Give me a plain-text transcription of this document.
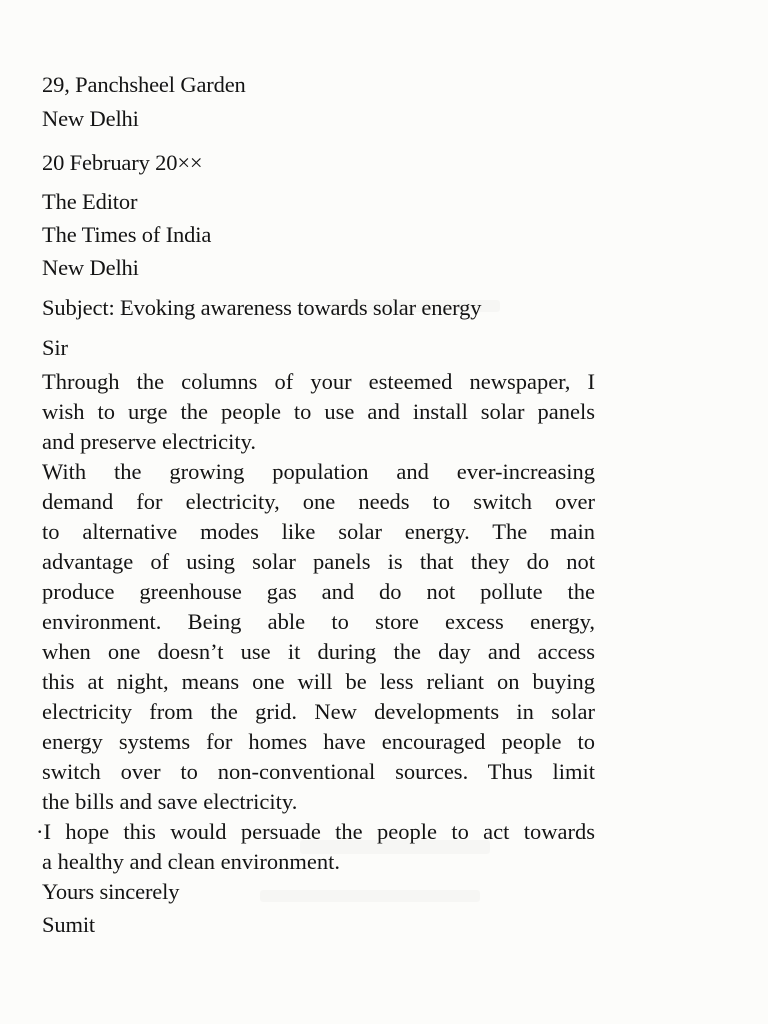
29, Panchsheel Garden
New Delhi
20 February 20××
The Editor
The Times of India
New Delhi
Subject: Evoking awareness towards solar energy
Sir
Through the columns of your esteemed newspaper, I
wish to urge the people to use and install solar panels
and preserve electricity.
With the growing population and ever-increasing
demand for electricity, one needs to switch over
to alternative modes like solar energy. The main
advantage of using solar panels is that they do not
produce greenhouse gas and do not pollute the
environment. Being able to store excess energy,
when one doesn’t use it during the day and access
this at night, means one will be less reliant on buying
electricity from the grid. New developments in solar
energy systems for homes have encouraged people to
switch over to non-conventional sources. Thus limit
the bills and save electricity.
·I hope this would persuade the people to act towards
a healthy and clean environment.
Yours sincerely
Sumit
